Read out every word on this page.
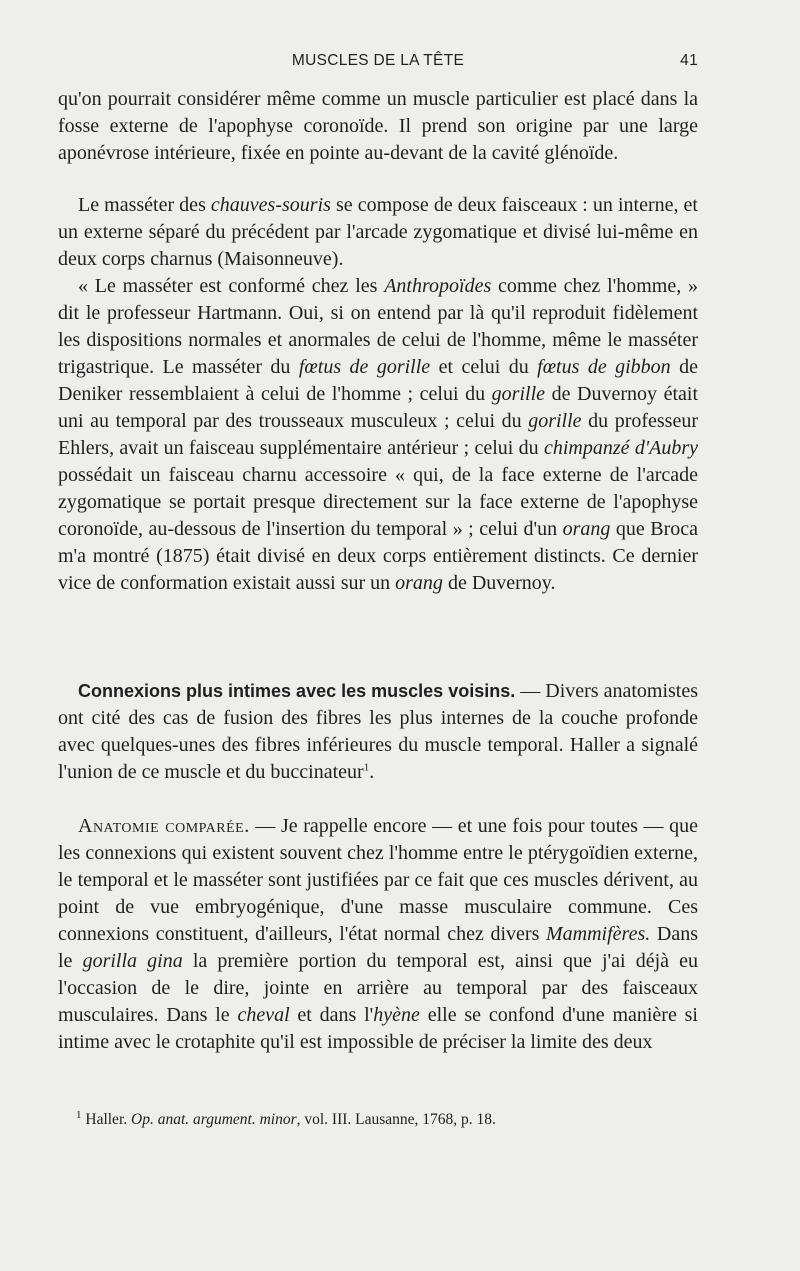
MUSCLES DE LA TÊTE	41

qu'on pourrait considérer même comme un muscle particulier est placé dans la fosse externe de l'apophyse coronoïde. Il prend son origine par une large aponévrose intérieure, fixée en pointe au-devant de la cavité glénoïde.

Le masséter des chauves-souris se compose de deux faisceaux : un interne, et un externe séparé du précédent par l'arcade zygomatique et divisé lui-même en deux corps charnus (Maisonneuve).

« Le masséter est conformé chez les Anthropoïdes comme chez l'homme, » dit le professeur Hartmann. Oui, si on entend par là qu'il reproduit fidèlement les dispositions normales et anormales de celui de l'homme, même le masséter trigastrique. Le masséter du fœtus de gorille et celui du fœtus de gibbon de Deniker ressemblaient à celui de l'homme ; celui du gorille de Duvernoy était uni au temporal par des trousseaux musculeux ; celui du gorille du professeur Ehlers, avait un faisceau supplémentaire antérieur ; celui du chimpanzé d'Aubry possédait un faisceau charnu accessoire « qui, de la face externe de l'arcade zygomatique se portait presque directement sur la face externe de l'apophyse coronoïde, au-dessous de l'insertion du temporal » ; celui d'un orang que Broca m'a montré (1875) était divisé en deux corps entièrement distincts. Ce dernier vice de conformation existait aussi sur un orang de Duvernoy.

Connexions plus intimes avec les muscles voisins. — Divers anatomistes ont cité des cas de fusion des fibres les plus internes de la couche profonde avec quelques-unes des fibres inférieures du muscle temporal. Haller a signalé l'union de ce muscle et du buccinateur$^1$.

Anatomie comparée. — Je rappelle encore — et une fois pour toutes — que les connexions qui existent souvent chez l'homme entre le ptérygoïdien externe, le temporal et le masséter sont justifiées par ce fait que ces muscles dérivent, au point de vue embryogénique, d'une masse musculaire commune. Ces connexions constituent, d'ailleurs, l'état normal chez divers Mammifères. Dans le gorilla gina la première portion du temporal est, ainsi que j'ai déjà eu l'occasion de le dire, jointe en arrière au temporal par des faisceaux musculaires. Dans le cheval et dans l'hyène elle se confond d'une manière si intime avec le crotaphite qu'il est impossible de préciser la limite des deux

$^1$ Haller. Op. anat. argument. minor, vol. III. Lausanne, 1768, p. 18.
